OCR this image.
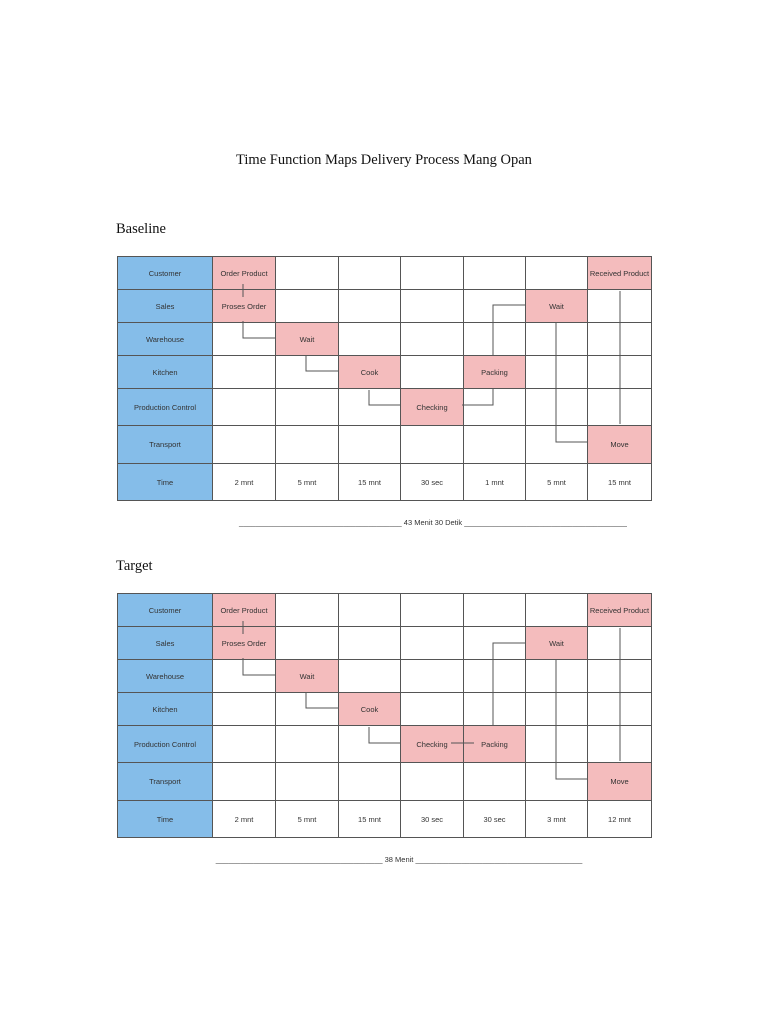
Time Function Maps Delivery Process Mang Opan
Baseline
Customer	Order Product						Received Product
Sales	Proses Order					Wait	
Warehouse		Wait					
Kitchen			Cook		Packing		
Production Control				Checking			
Transport							Move
Time	2 mnt	5 mnt	15 mnt	30 sec	1 mnt	5 mnt	15 mnt
_______________________________________ 43 Menit 30 Detik _______________________________________
Target
Customer	Order Product						Received Product
Sales	Proses Order					Wait	
Warehouse		Wait					
Kitchen			Cook				
Production Control				Checking	Packing		
Transport							Move
Time	2 mnt	5 mnt	15 mnt	30 sec	30 sec	3 mnt	12 mnt
________________________________________ 38 Menit ________________________________________
